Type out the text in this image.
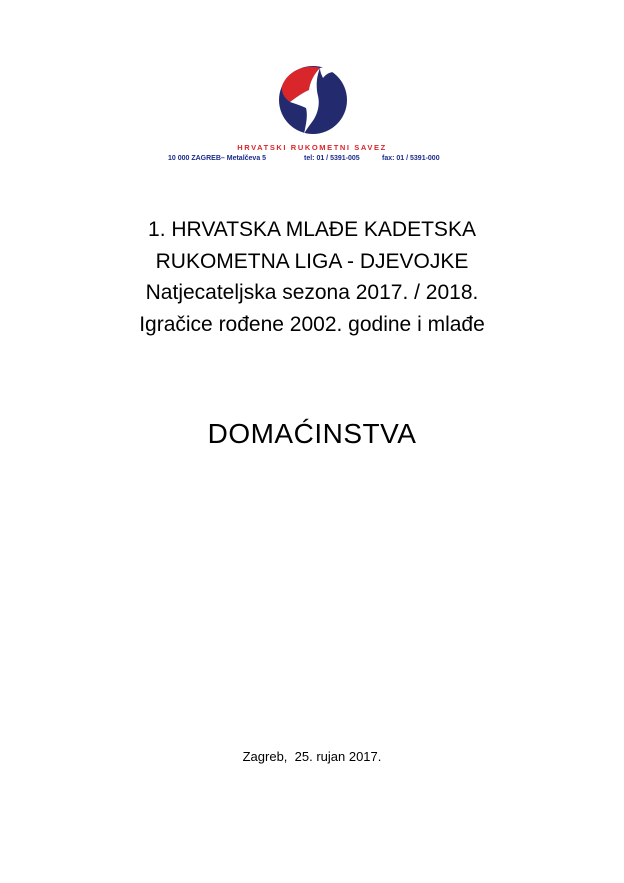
HRVATSKI RUKOMETNI SAVEZ
10 000 ZAGREB– Metalčeva 5	tel: 01 / 5391-005	fax: 01 / 5391-000
1. HRVATSKA MLAĐE KADETSKA
RUKOMETNA LIGA - DJEVOJKE
Natjecateljska sezona 2017. / 2018.
Igračice rođene 2002. godine i mlađe
DOMAĆINSTVA
Zagreb,  25. rujan 2017.
